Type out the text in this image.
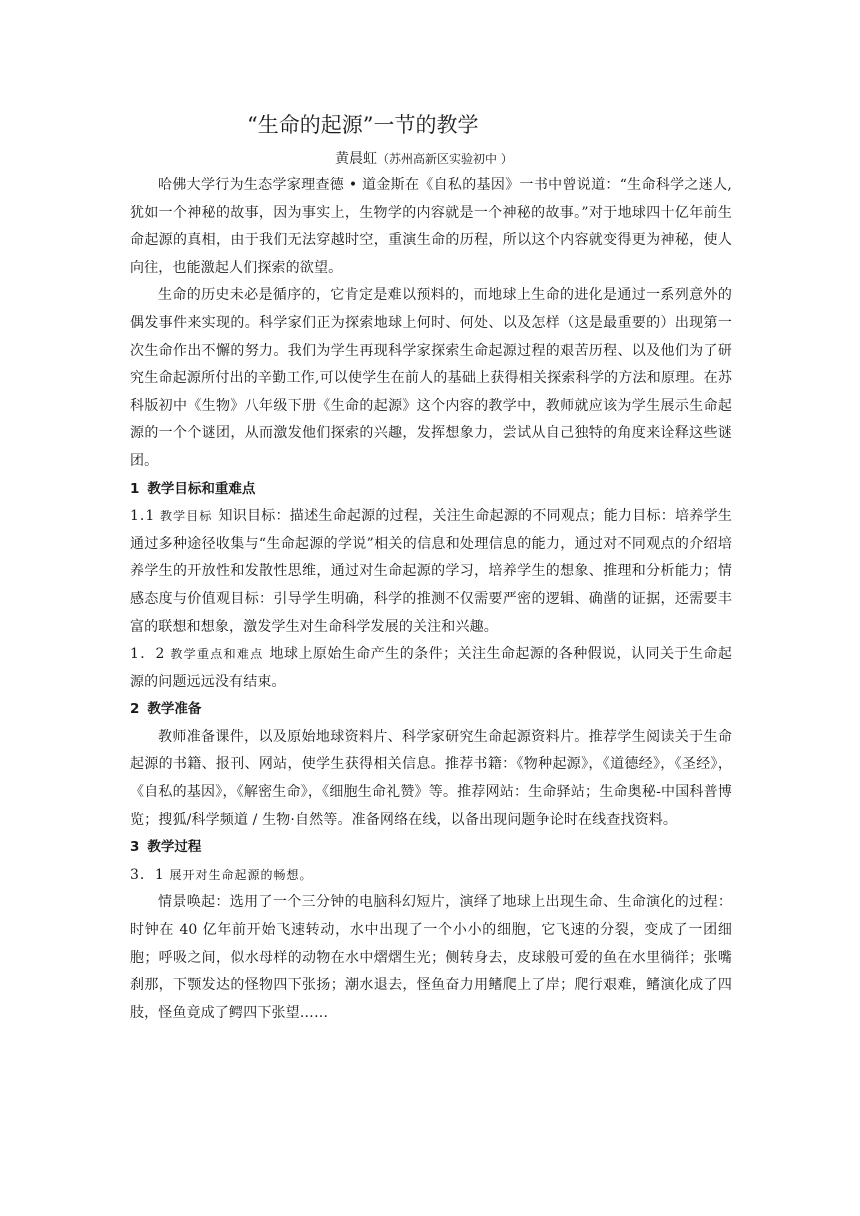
“生命的起源”一节的教学
黄晨虹（苏州高新区实验初中 ）

哈佛大学行为生态学家理查德 • 道金斯在《自私的基因》一书中曾说道：“生命科学之迷人,犹如一个神秘的故事，因为事实上，生物学的内容就是一个神秘的故事。”对于地球四十亿年前生命起源的真相，由于我们无法穿越时空，重演生命的历程，所以这个内容就变得更为神秘，使人向往，也能激起人们探索的欲望。

生命的历史未必是循序的，它肯定是难以预料的，而地球上生命的进化是通过一系列意外的偶发事件来实现的。科学家们正为探索地球上何时、何处、以及怎样（这是最重要的）出现第一次生命作出不懈的努力。我们为学生再现科学家探索生命起源过程的艰苦历程、以及他们为了研究生命起源所付出的辛勤工作,可以使学生在前人的基础上获得相关探索科学的方法和原理。在苏科版初中《生物》八年级下册《生命的起源》这个内容的教学中，教师就应该为学生展示生命起源的一个个谜团，从而激发他们探索的兴趣，发挥想象力，尝试从自己独特的角度来诠释这些谜团。

1 教学目标和重难点

1.1 教学目标 知识目标：描述生命起源的过程，关注生命起源的不同观点；能力目标：培养学生通过多种途径收集与“生命起源的学说”相关的信息和处理信息的能力，通过对不同观点的介绍培养学生的开放性和发散性思维，通过对生命起源的学习，培养学生的想象、推理和分析能力；情感态度与价值观目标：引导学生明确，科学的推测不仅需要严密的逻辑、确凿的证据，还需要丰富的联想和想象，激发学生对生命科学发展的关注和兴趣。

1．2 教学重点和难点 地球上原始生命产生的条件；关注生命起源的各种假说，认同关于生命起源的问题远远没有结束。

2 教学准备

教师准备课件，以及原始地球资料片、科学家研究生命起源资料片。推荐学生阅读关于生命起源的书籍、报刊、网站，使学生获得相关信息。推荐书籍：《物种起源》，《道德经》，《圣经》，《自私的基因》，《解密生命》，《细胞生命礼赞》等。推荐网站：生命驿站；生命奥秘-中国科普博览；搜狐/科学频道 / 生物·自然等。准备网络在线，以备出现问题争论时在线查找资料。

3 教学过程

3．1 展开对生命起源的畅想。

情景唤起：选用了一个三分钟的电脑科幻短片，演绎了地球上出现生命、生命演化的过程：时钟在 40 亿年前开始飞速转动，水中出现了一个小小的细胞，它飞速的分裂，变成了一团细胞；呼吸之间，似水母样的动物在水中熠熠生光；侧转身去，皮球般可爱的鱼在水里徜徉；张嘴刹那，下颚发达的怪物四下张扬；潮水退去，怪鱼奋力用鳍爬上了岸；爬行艰难，鳍演化成了四肢，怪鱼竟成了鳄四下张望……
